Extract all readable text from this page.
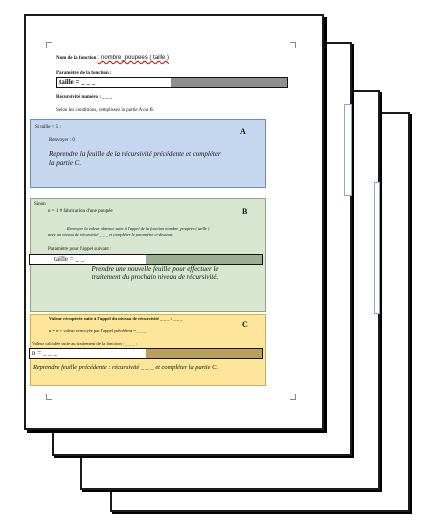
Nom de la fonction : nombre_poupees ( taille )
Paramètre de la fonction :
taille = _ _ _
Récursivité numéro : _ _ _
Selon les conditions, remplissez la partie A ou B.
Si taille < 5 :	A
Renvoyer : 0
Reprendre la feuille de la récursivité précédente et compléter la partie C.
Sinon
B
n = 1 # fabrication d'une poupée
Renvoyer la valeur obtenue suite à l'appel de la fonction nombre_poupees ( taille )
avec un niveau de récursivité _ _ _ et compléter le paramètre ci-dessous
Paramètre pour l'appel suivant :
taille = _ _
Prendre une nouvelle feuille pour effectuer le traitement du prochain niveau de récursivité.
Valeur récupérée suite à l'appel du niveau de récursivité _ _ _ : _ _ _
C
n = n + valeur renvoyée par l'appel précédent = _ _ _
Valeur calculée suite au traitement de la fonction : _ _ _ :
n = _ _ _
Reprendre feuille précédente : récursivité _ _ _ et compléter la partie C.
